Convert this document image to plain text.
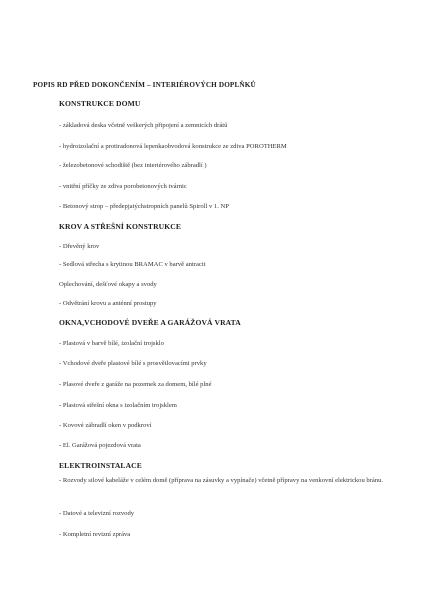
POPIS RD PŘED DOKONČENÍM – INTERIÉROVÝCH DOPLŇKŮ
KONSTRUKCE DOMU
- základová deska včetně veškerých připojení a zemnicích drátů
- hydroizolační a protiradonová lepenkaobvodová konstrukce ze zdiva POROTHERM
- železobetonové schodiště (bez interiérového zábradlí )
- vnitřní příčky ze zdiva porobetonových tvárnic
- Betonový strop – předepjatýchstropních panelů Spiroll v 1. NP
KROV A STŘEŠNÍ KONSTRUKCE
- Dřevěný krov
- Sedlová střecha s krytinou BRAMAC v barvě antracit
Oplechování, dešťové okapy a svody
- Odvětrání krovu a anténní prostupy
OKNA,VCHODOVÉ DVEŘE A GARÁŽOVÁ VRATA
- Plastová v barvě bílé, izolační trojsklo
- Vchodové dveře plastové bílé s prosvětlovacími prvky
- Plasové dveře z garáže na pozemek za domem, bílé plné
- Plastová střešní okna s izolačním trojsklem
- Kovové zábradlí oken v podkroví
- El. Garážová pojezdová vrata
ELEKTROINSTALACE
- Rozvody silové kabeláže v celém domě (příprava na zásuvky a vypínače) včetně přípravy na venkovní elektrickou bránu.
- Datové a televizní rozvody
- Kompletní revizní zpráva
